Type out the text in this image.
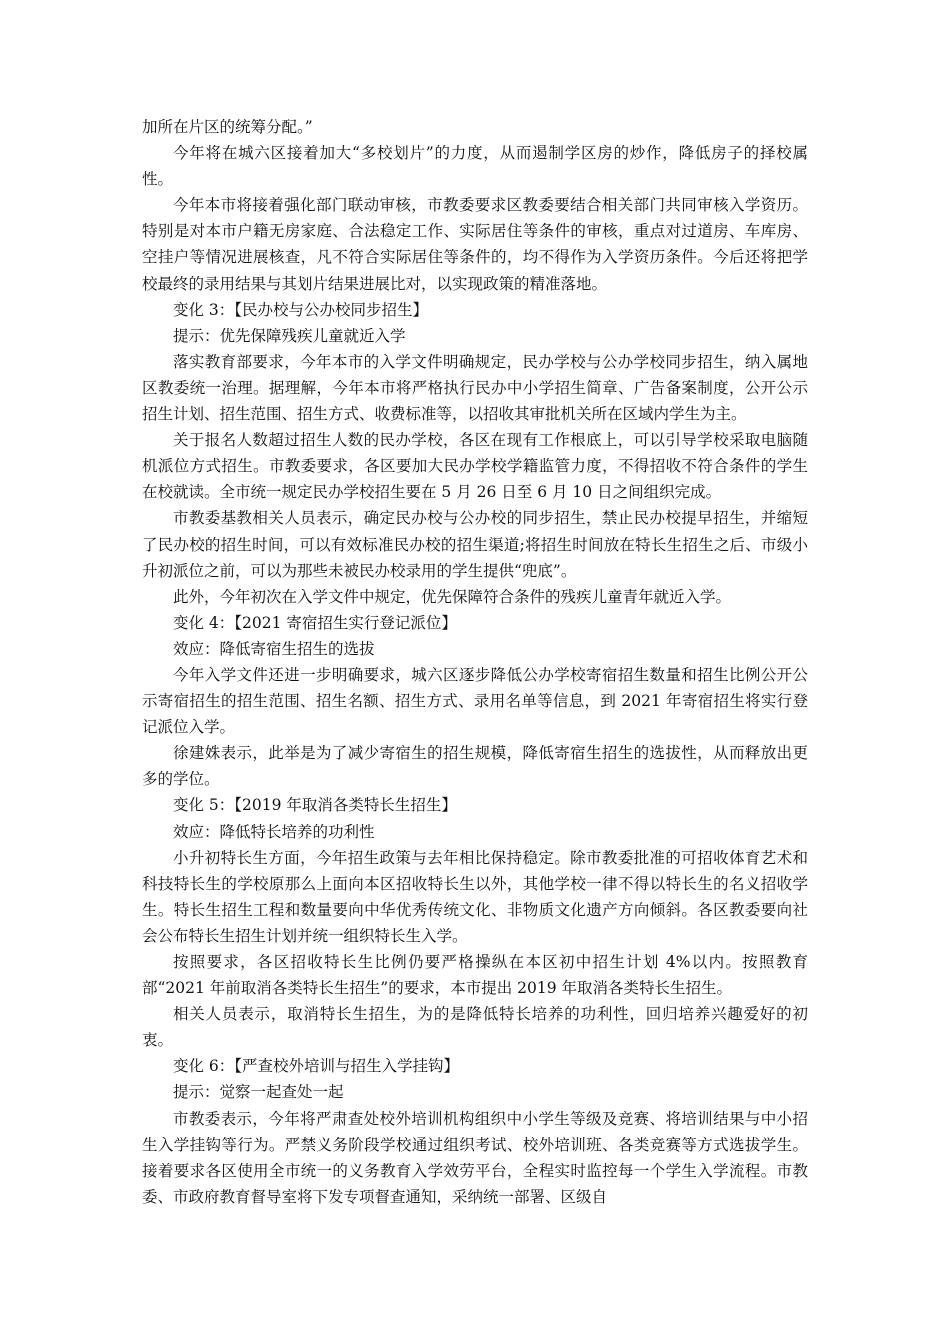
加所在片区的统筹分配。”

今年将在城六区接着加大“多校划片”的力度，从而遏制学区房的炒作，降低房子的择校属性。

今年本市将接着强化部门联动审核，市教委要求区教委要结合相关部门共同审核入学资历。特别是对本市户籍无房家庭、合法稳定工作、实际居住等条件的审核，重点对过道房、车库房、空挂户等情况进展核查，凡不符合实际居住等条件的，均不得作为入学资历条件。今后还将把学校最终的录用结果与其划片结果进展比对，以实现政策的精准落地。

变化 3：【民办校与公办校同步招生】

提示：优先保障残疾儿童就近入学

落实教育部要求，今年本市的入学文件明确规定，民办学校与公办学校同步招生，纳入属地区教委统一治理。据理解，今年本市将严格执行民办中小学招生简章、广告备案制度，公开公示招生计划、招生范围、招生方式、收费标准等，以招收其审批机关所在区域内学生为主。

关于报名人数超过招生人数的民办学校，各区在现有工作根底上，可以引导学校采取电脑随机派位方式招生。市教委要求，各区要加大民办学校学籍监管力度，不得招收不符合条件的学生在校就读。全市统一规定民办学校招生要在 5 月 26 日至 6 月 10 日之间组织完成。

市教委基教相关人员表示，确定民办校与公办校的同步招生，禁止民办校提早招生，并缩短了民办校的招生时间，可以有效标准民办校的招生渠道;将招生时间放在特长生招生之后、市级小升初派位之前，可以为那些未被民办校录用的学生提供“兜底”。

此外，今年初次在入学文件中规定，优先保障符合条件的残疾儿童青年就近入学。

变化 4：【2021 寄宿招生实行登记派位】

效应：降低寄宿生招生的选拔

今年入学文件还进一步明确要求，城六区逐步降低公办学校寄宿招生数量和招生比例公开公示寄宿招生的招生范围、招生名额、招生方式、录用名单等信息，到 2021 年寄宿招生将实行登记派位入学。

徐建姝表示，此举是为了减少寄宿生的招生规模，降低寄宿生招生的选拔性，从而释放出更多的学位。

变化 5：【2019 年取消各类特长生招生】

效应：降低特长培养的功利性

小升初特长生方面，今年招生政策与去年相比保持稳定。除市教委批准的可招收体育艺术和科技特长生的学校原那么上面向本区招收特长生以外，其他学校一律不得以特长生的名义招收学生。特长生招生工程和数量要向中华优秀传统文化、非物质文化遗产方向倾斜。各区教委要向社会公布特长生招生计划并统一组织特长生入学。

按照要求，各区招收特长生比例仍要严格操纵在本区初中招生计划 4%以内。按照教育部“2021 年前取消各类特长生招生”的要求，本市提出 2019 年取消各类特长生招生。

相关人员表示，取消特长生招生，为的是降低特长培养的功利性，回归培养兴趣爱好的初衷。

变化 6：【严查校外培训与招生入学挂钩】

提示：觉察一起查处一起

市教委表示，今年将严肃查处校外培训机构组织中小学生等级及竞赛、将培训结果与中小招生入学挂钩等行为。严禁义务阶段学校通过组织考试、校外培训班、各类竞赛等方式选拔学生。接着要求各区使用全市统一的义务教育入学效劳平台，全程实时监控每一个学生入学流程。市教委、市政府教育督导室将下发专项督查通知，采纳统一部署、区级自
